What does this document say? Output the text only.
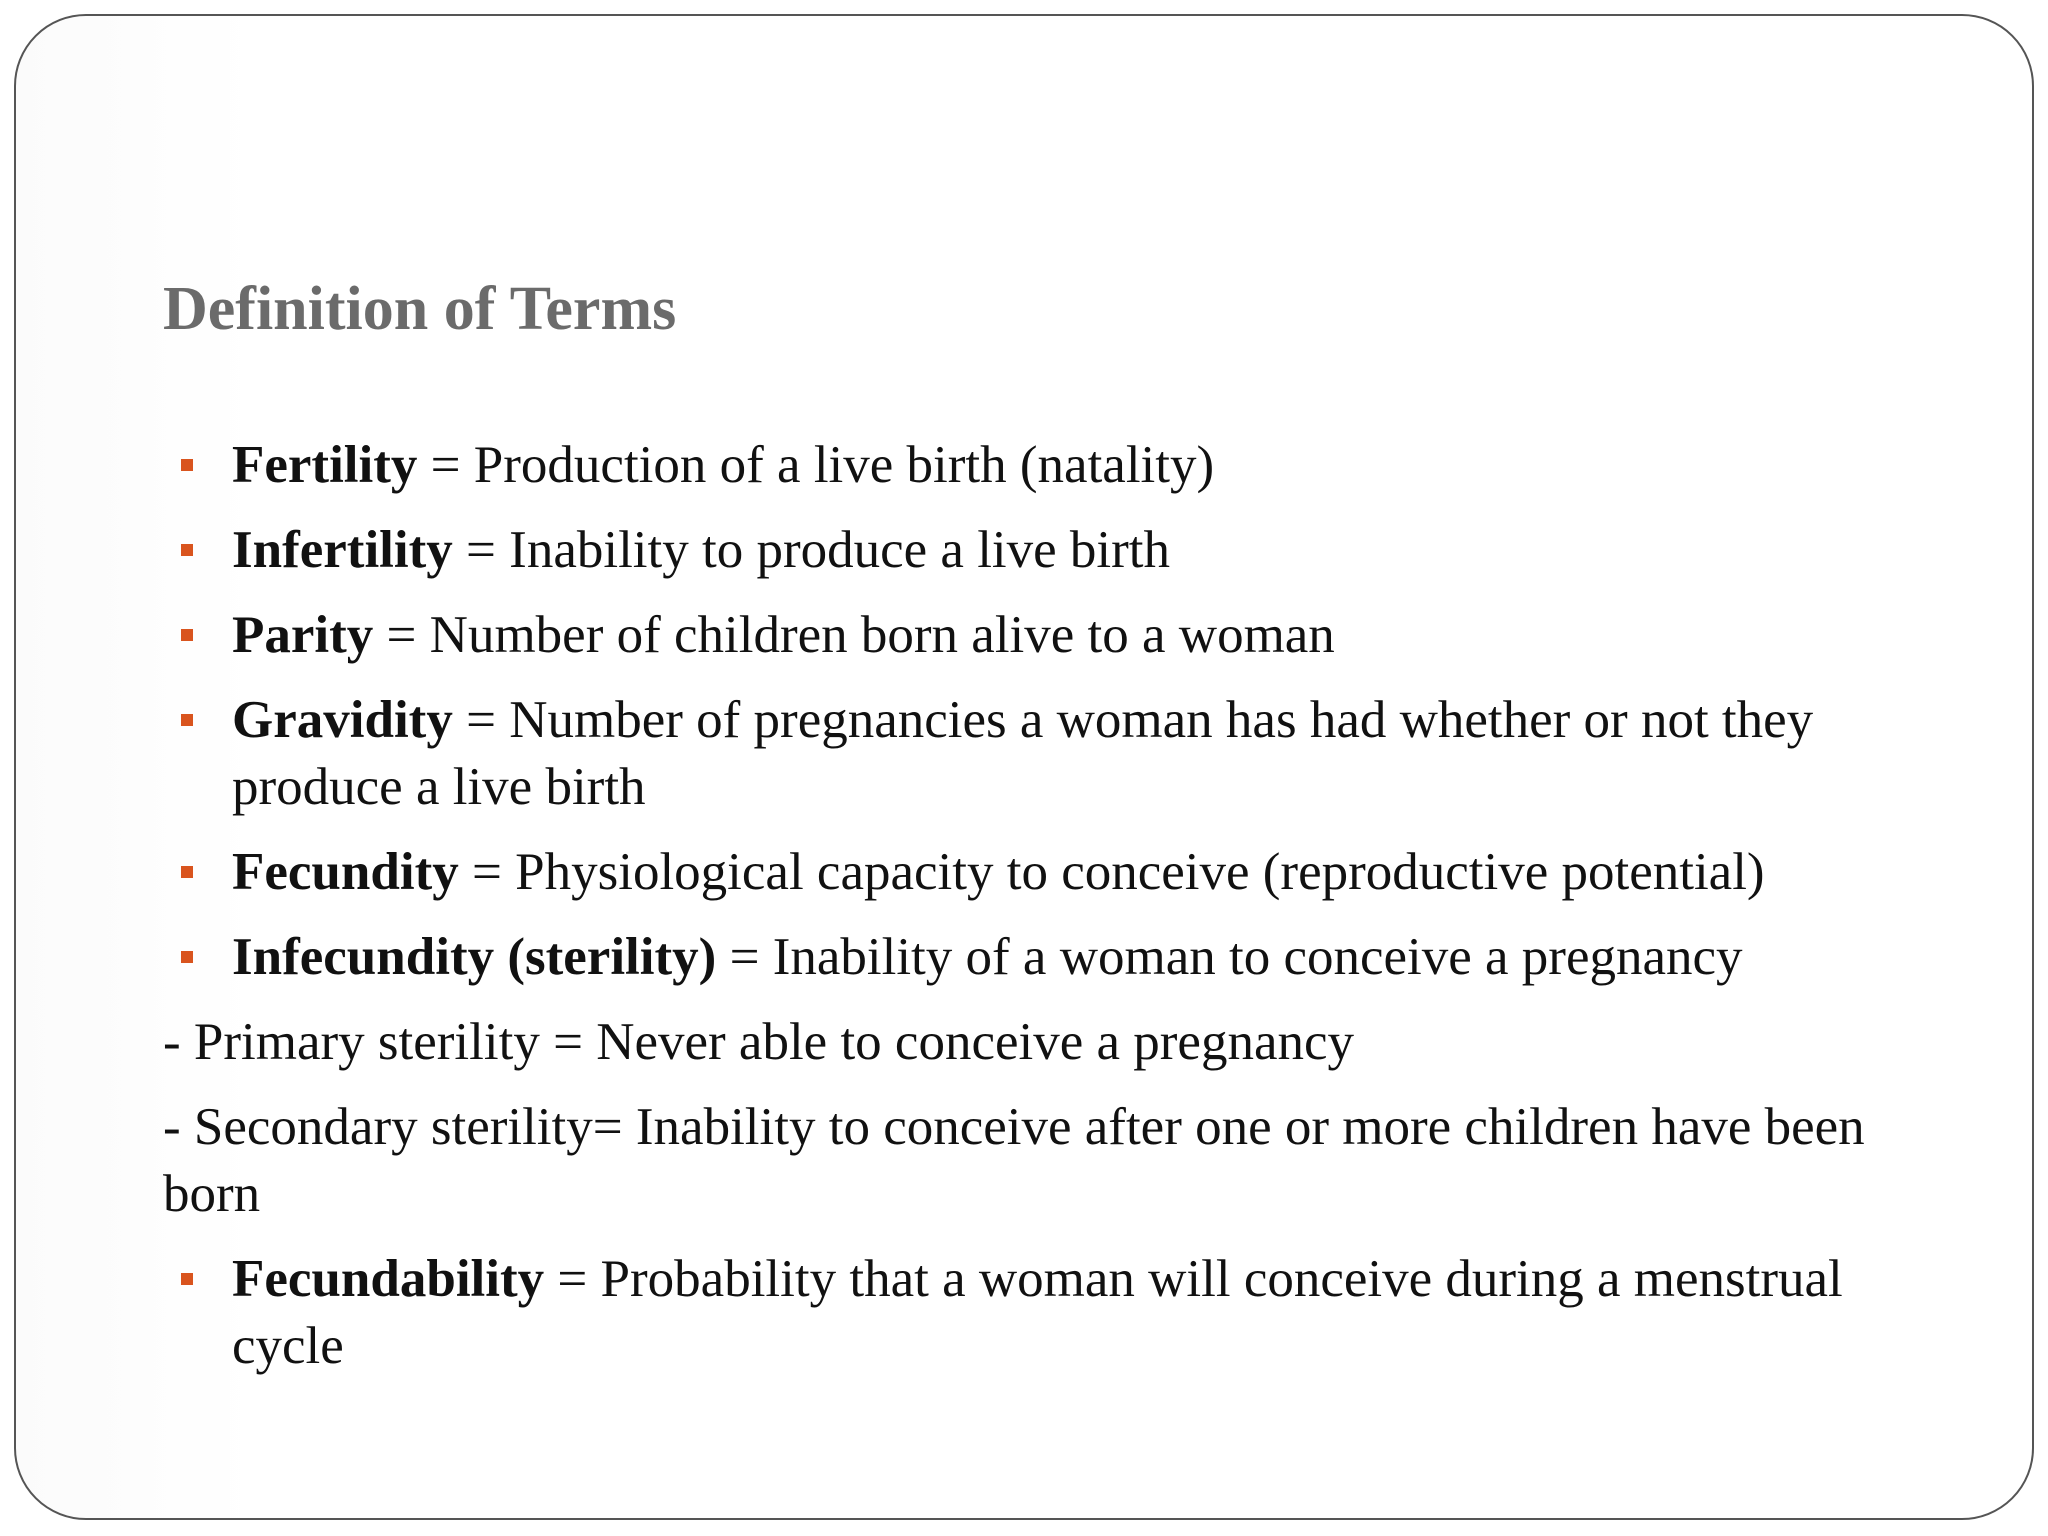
Definition of Terms
Fertility = Production of a live birth (natality)
Infertility = Inability to produce a live birth
Parity = Number of children born alive to a woman
Gravidity = Number of pregnancies a woman has had whether or not they produce a live birth
Fecundity = Physiological capacity to conceive (reproductive potential)
Infecundity (sterility) = Inability of a woman to conceive a pregnancy
- Primary sterility = Never able to conceive a pregnancy
- Secondary sterility= Inability to conceive after one or more children have been born
Fecundability = Probability that a woman will conceive during a menstrual cycle
